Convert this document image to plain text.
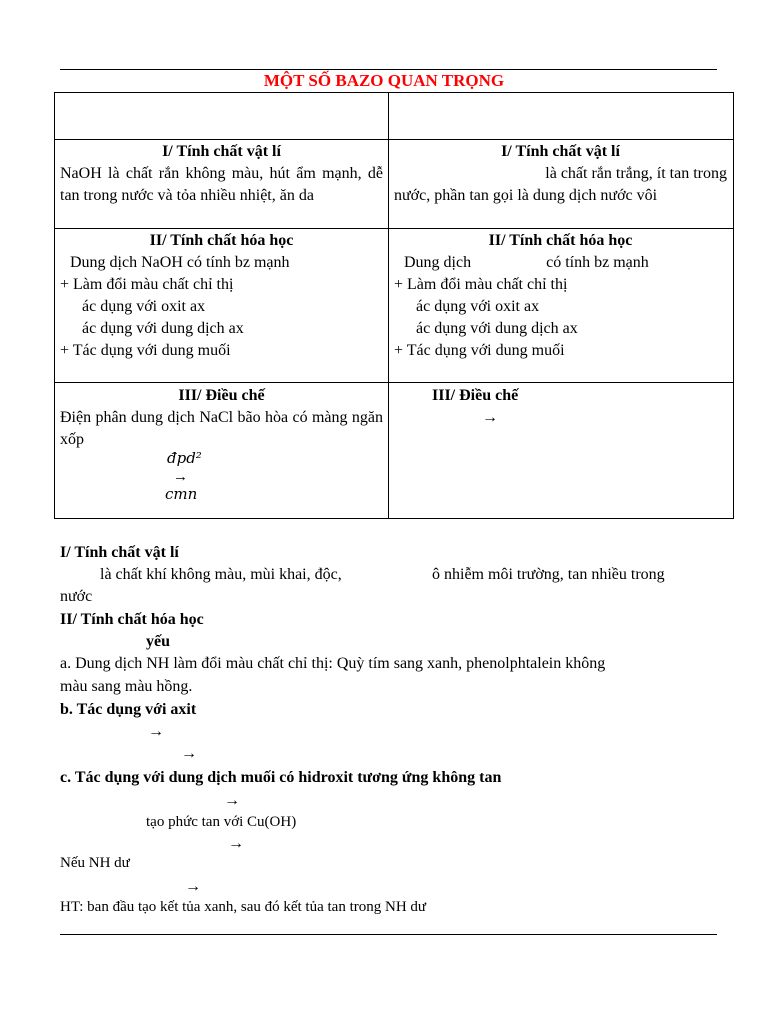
MỘT SỐ BAZO QUAN TRỌNG
I/ Tính chất vật lí
NaOH là chất rắn không màu, hút ẩm mạnh, dễ tan trong nước và tỏa nhiều nhiệt, ăn da
II/ Tính chất hóa học
Dung dịch NaOH có tính bz mạnh
+ Làm đổi màu chất chỉ thị
ác dụng với oxit ax
ác dụng với dung dịch ax
+ Tác dụng với dung muối
III/ Điều chế
Điện phân dung dịch NaCl bão hòa có màng ngăn xốp
đpd²
→
cmn
I/ Tính chất vật lí
là chất rắn trắng, ít tan trong
nước, phần tan gọi là dung dịch nước vôi
II/ Tính chất hóa học
Dung dịch	có tính bz mạnh
+ Làm đổi màu chất chỉ thị
ác dụng với oxit ax
ác dụng với dung dịch ax
+ Tác dụng với dung muối
III/ Điều chế
→
I/ Tính chất vật lí
là chất khí không màu, mùi khai, độc,	ô nhiễm môi trường, tan nhiều trong
nước
II/ Tính chất hóa học
yếu
a. Dung dịch NH làm đổi màu chất chỉ thị: Quỳ tím sang xanh, phenolphtalein không
màu sang màu hồng.
b. Tác dụng với axit
→
→
c. Tác dụng với dung dịch muối có hidroxit tương ứng không tan
→
tạo phức tan với Cu(OH)
→
Nếu NH dư
→
HT: ban đầu tạo kết tủa xanh, sau đó kết tủa tan trong NH dư
